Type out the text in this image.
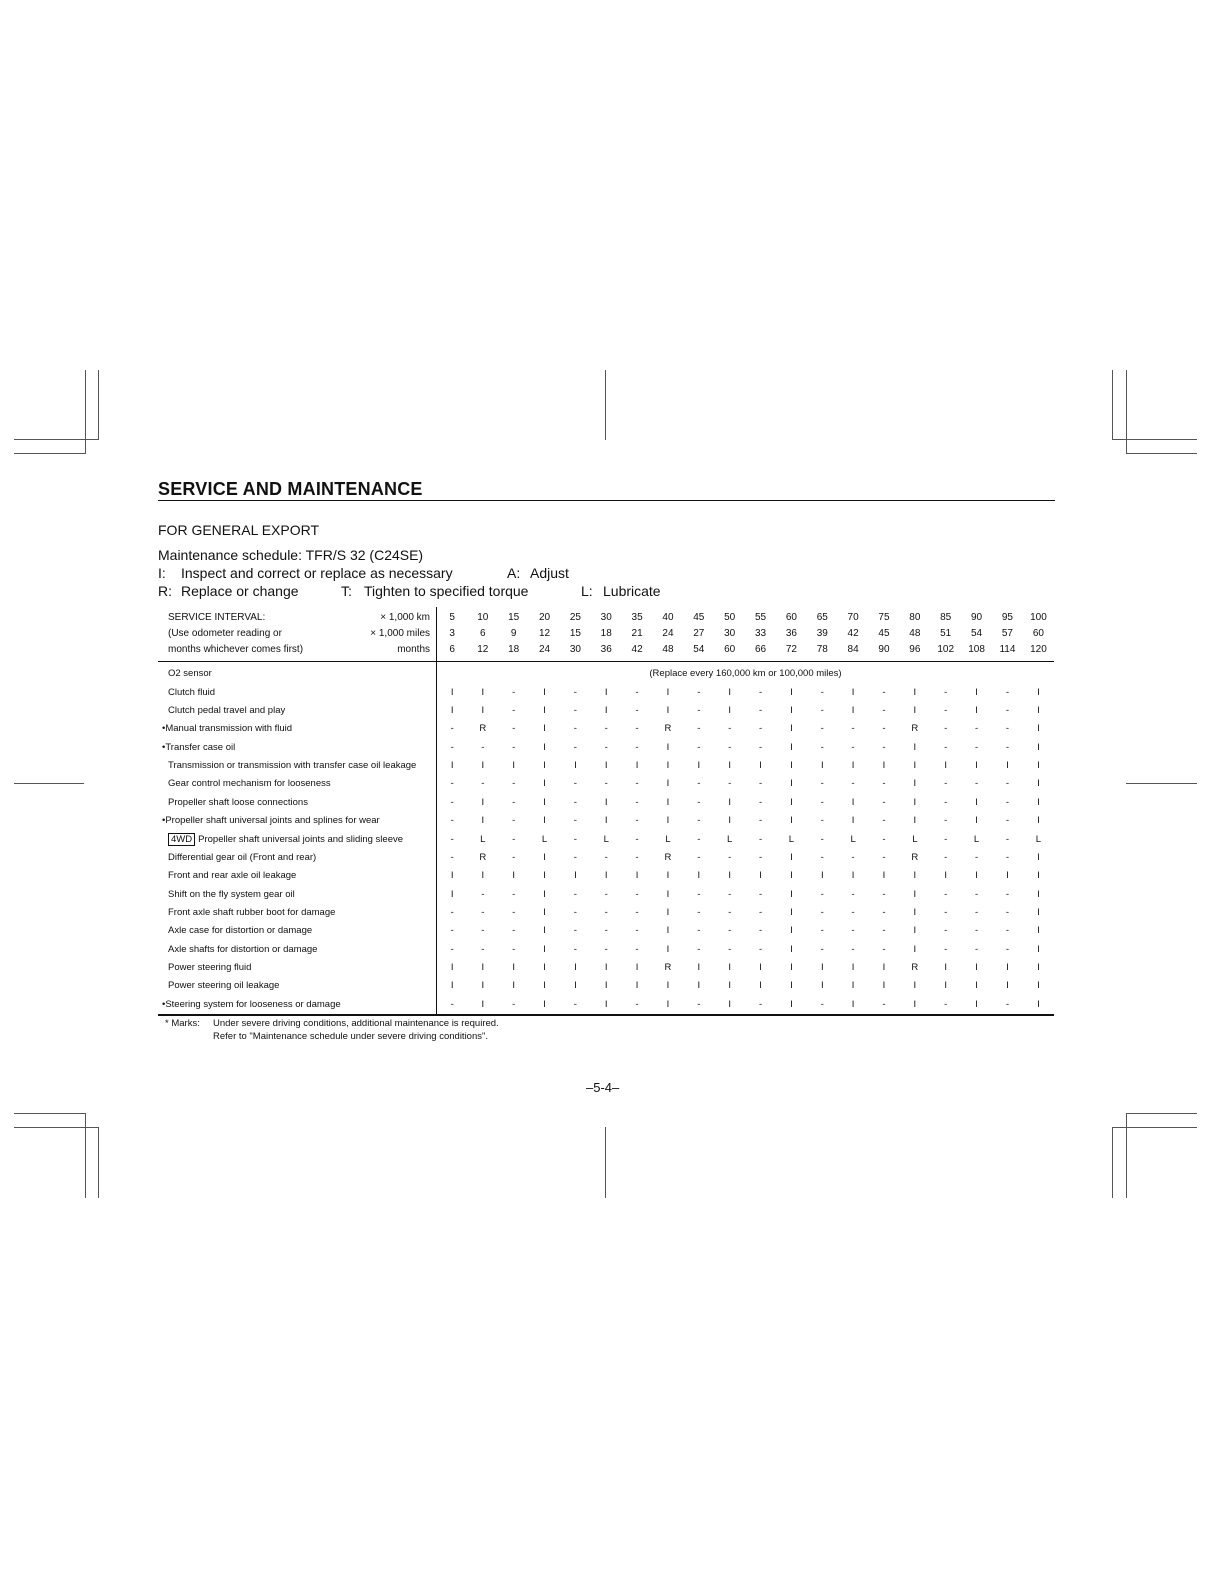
SERVICE AND MAINTENANCE
FOR GENERAL EXPORT
Maintenance schedule: TFR/S 32 (C24SE)
I: Inspect and correct or replace as necessary	A: Adjust
R: Replace or change	T: Tighten to specified torque	L: Lubricate
SERVICE INTERVAL:	× 1,000 km	5	10	15	20	25	30	35	40	45	50	55	60	65	70	75	80	85	90	95	100
(Use odometer reading or	× 1,000 miles	3	6	9	12	15	18	21	24	27	30	33	36	39	42	45	48	51	54	57	60
months whichever comes first)	months	6	12	18	24	30	36	42	48	54	60	66	72	78	84	90	96	102	108	114	120
O2 sensor		(Replace every 160,000 km or 100,000 miles)																			
Clutch fluid		I	I	-	I	-	I	-	I	-	I	-	I	-	I	-	I	-	I	-	I
Clutch pedal travel and play		I	I	-	I	-	I	-	I	-	I	-	I	-	I	-	I	-	I	-	I
•Manual transmission with fluid		-	R	-	I	-	-	-	R	-	-	-	I	-	-	-	R	-	-	-	I
•Transfer case oil		-	-	-	I	-	-	-	I	-	-	-	I	-	-	-	I	-	-	-	I
Transmission or transmission with transfer case oil leakage		I	I	I	I	I	I	I	I	I	I	I	I	I	I	I	I	I	I	I	I
Gear control mechanism for looseness		-	-	-	I	-	-	-	I	-	-	-	I	-	-	-	I	-	-	-	I
Propeller shaft loose connections		-	I	-	I	-	I	-	I	-	I	-	I	-	I	-	I	-	I	-	I
•Propeller shaft universal joints and splines for wear		-	I	-	I	-	I	-	I	-	I	-	I	-	I	-	I	-	I	-	I
4WD Propeller shaft universal joints and sliding sleeve		-	L	-	L	-	L	-	L	-	L	-	L	-	L	-	L	-	L	-	L
Differential gear oil (Front and rear)		-	R	-	I	-	-	-	R	-	-	-	I	-	-	-	R	-	-	-	I
Front and rear axle oil leakage		I	I	I	I	I	I	I	I	I	I	I	I	I	I	I	I	I	I	I	I
Shift on the fly system gear oil		I	-	-	I	-	-	-	I	-	-	-	I	-	-	-	I	-	-	-	I
Front axle shaft rubber boot for damage		-	-	-	I	-	-	-	I	-	-	-	I	-	-	-	I	-	-	-	I
Axle case for distortion or damage		-	-	-	I	-	-	-	I	-	-	-	I	-	-	-	I	-	-	-	I
Axle shafts for distortion or damage		-	-	-	I	-	-	-	I	-	-	-	I	-	-	-	I	-	-	-	I
Power steering fluid		I	I	I	I	I	I	I	R	I	I	I	I	I	I	I	R	I	I	I	I
Power steering oil leakage		I	I	I	I	I	I	I	I	I	I	I	I	I	I	I	I	I	I	I	I
•Steering system for looseness or damage		-	I	-	I	-	I	-	I	-	I	-	I	-	I	-	I	-	I	-	I
* Marks: Under severe driving conditions, additional maintenance is required.
Refer to "Maintenance schedule under severe driving conditions".
–5-4–
